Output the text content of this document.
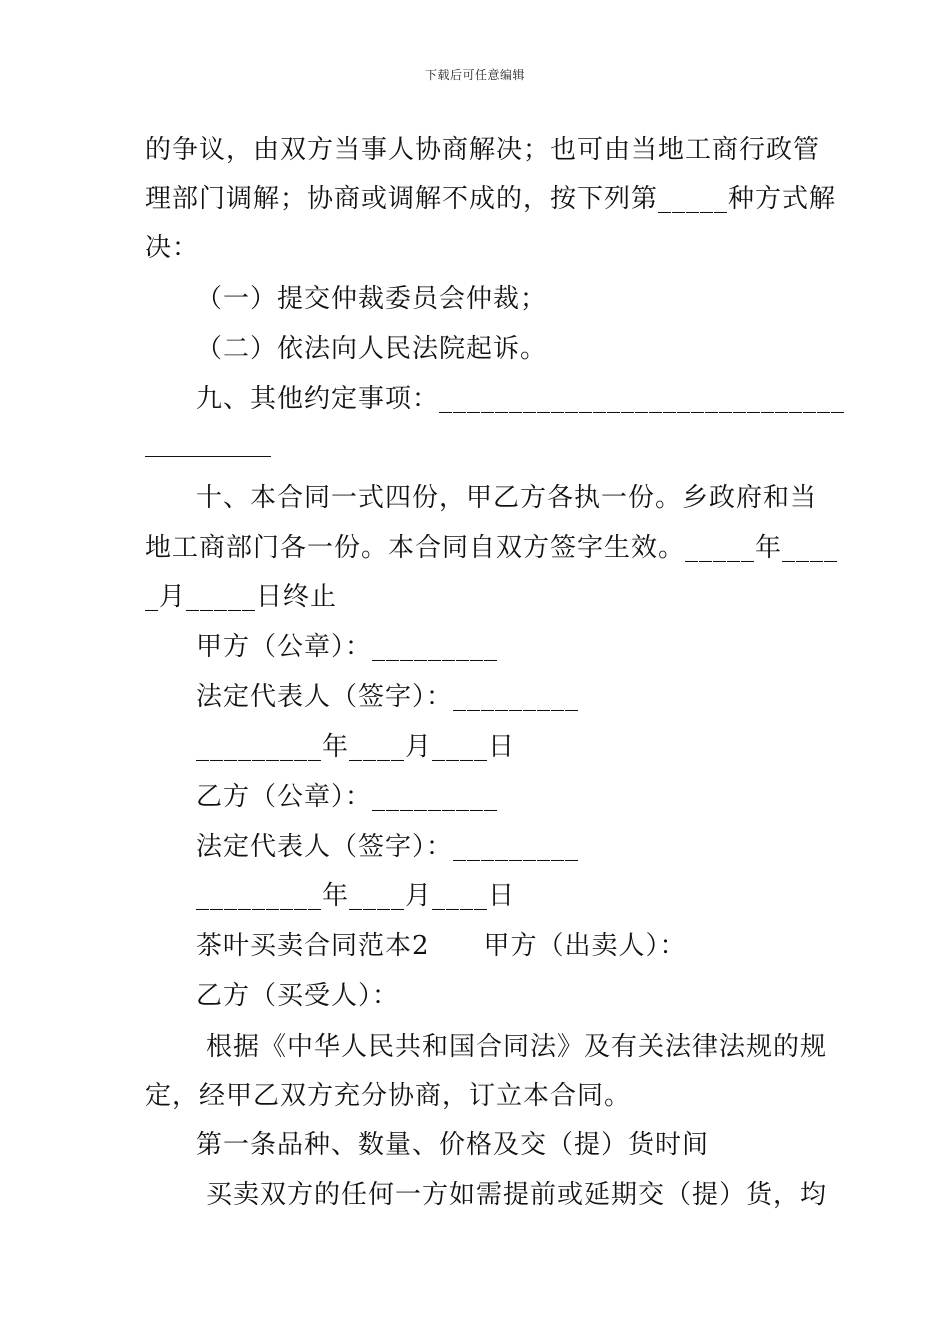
下载后可任意编辑
的争议，由双方当事人协商解决；也可由当地工商行政管
理部门调解；协商或调解不成的，按下列第_____种方式解
决：
（一）提交仲裁委员会仲裁；
（二）依法向人民法院起诉。
九、其他约定事项：_____________________________
十、本合同一式四份，甲乙方各执一份。乡政府和当
地工商部门各一份。本合同自双方签字生效。_____年____
_月_____日终止
甲方（公章）：_________
法定代表人（签字）：_________
_________年____月____日
乙方（公章）：_________
法定代表人（签字）：_________
_________年____月____日
茶叶买卖合同范本2　　甲方（出卖人）：
乙方（买受人）：
根据《中华人民共和国合同法》及有关法律法规的规
定，经甲乙双方充分协商，订立本合同。
第一条品种、数量、价格及交（提）货时间
买卖双方的任何一方如需提前或延期交（提）货，均
